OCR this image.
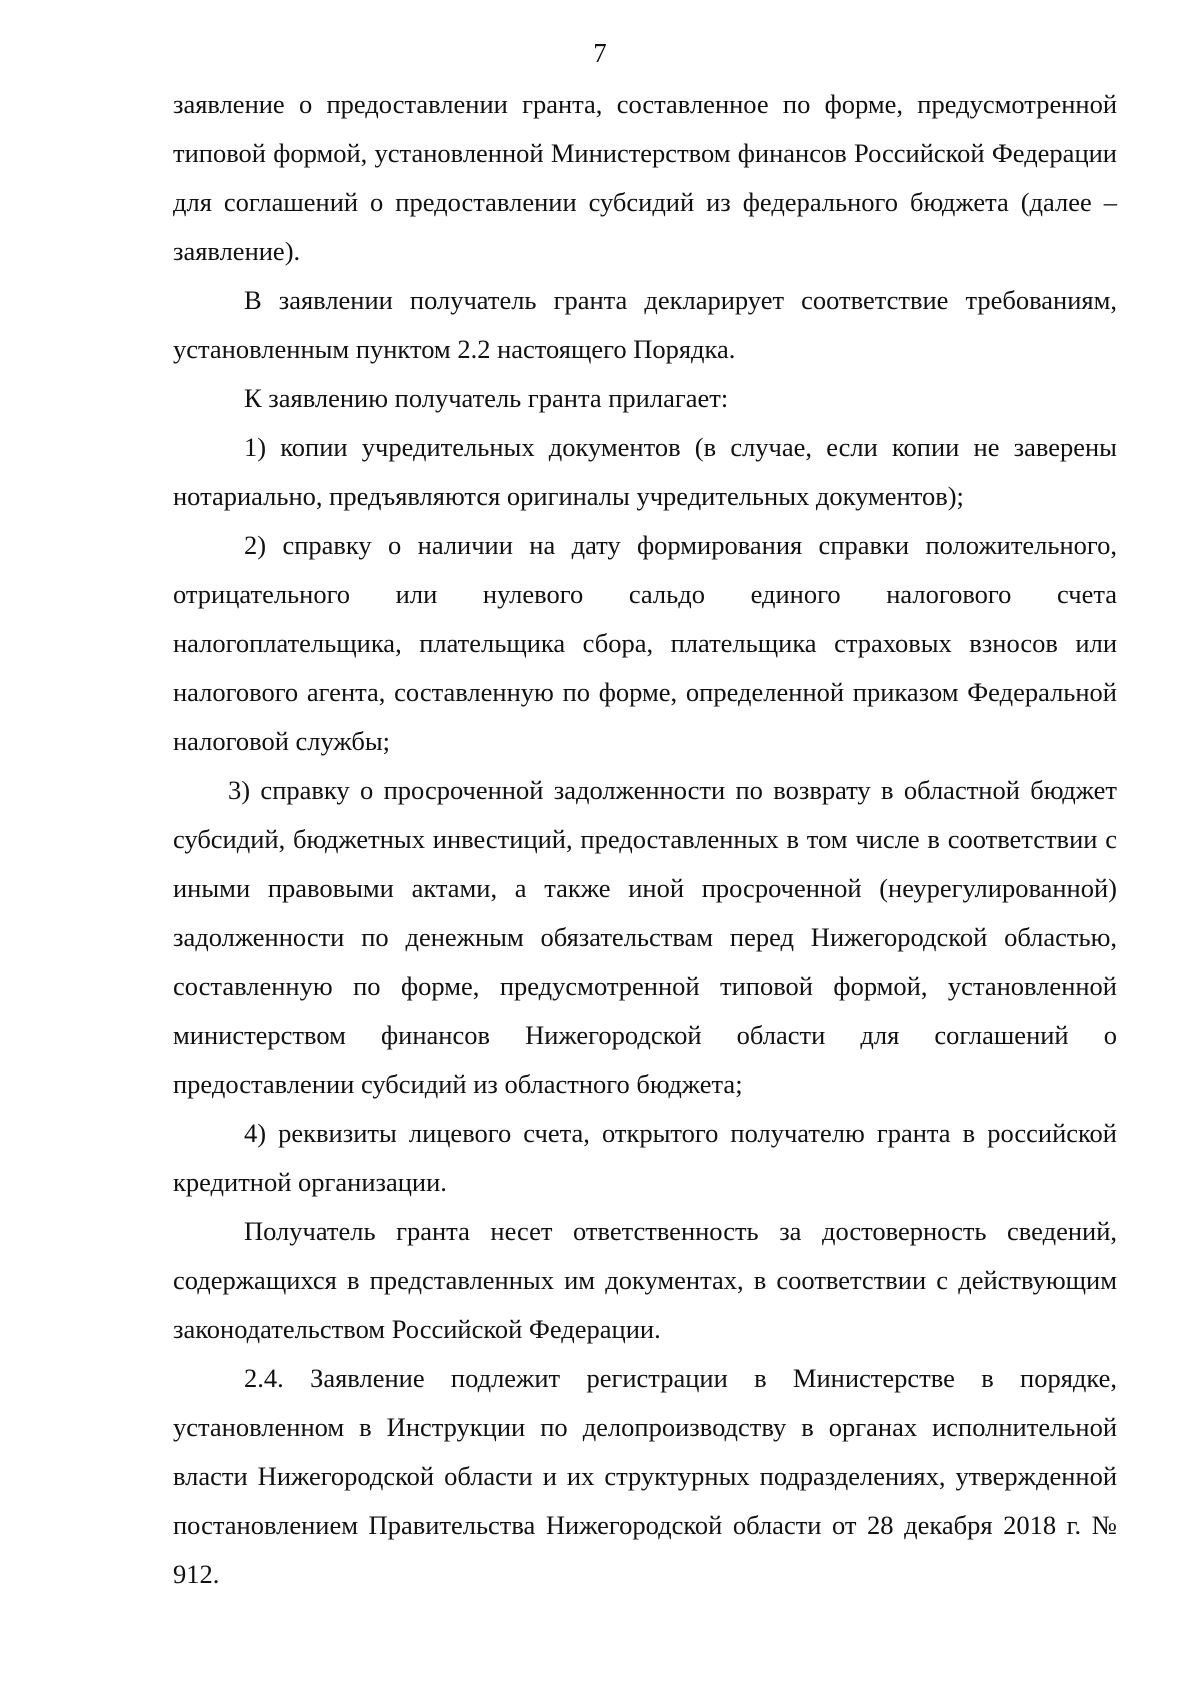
7

заявление о предоставлении гранта, составленное по форме, предусмотренной типовой формой, установленной Министерством финансов Российской Федерации для соглашений о предоставлении субсидий из федерального бюджета (далее – заявление).

В заявлении получатель гранта декларирует соответствие требованиям, установленным пунктом 2.2 настоящего Порядка.

К заявлению получатель гранта прилагает:

1) копии учредительных документов (в случае, если копии не заверены нотариально, предъявляются оригиналы учредительных документов);

2) справку о наличии на дату формирования справки положительного, отрицательного или нулевого сальдо единого налогового счета налогоплательщика, плательщика сбора, плательщика страховых взносов или налогового агента, составленную по форме, определенной приказом Федеральной налоговой службы;

3) справку о просроченной задолженности по возврату в областной бюджет субсидий, бюджетных инвестиций, предоставленных в том числе в соответствии с иными правовыми актами, а также иной просроченной (неурегулированной) задолженности по денежным обязательствам перед Нижегородской областью, составленную по форме, предусмотренной типовой формой, установленной министерством финансов Нижегородской области для соглашений о предоставлении субсидий из областного бюджета;

4) реквизиты лицевого счета, открытого получателю гранта в российской кредитной организации.

Получатель гранта несет ответственность за достоверность сведений, содержащихся в представленных им документах, в соответствии с действующим законодательством Российской Федерации.

2.4. Заявление подлежит регистрации в Министерстве в порядке, установленном в Инструкции по делопроизводству в органах исполнительной власти Нижегородской области и их структурных подразделениях, утвержденной постановлением Правительства Нижегородской области от 28 декабря 2018 г. № 912.
